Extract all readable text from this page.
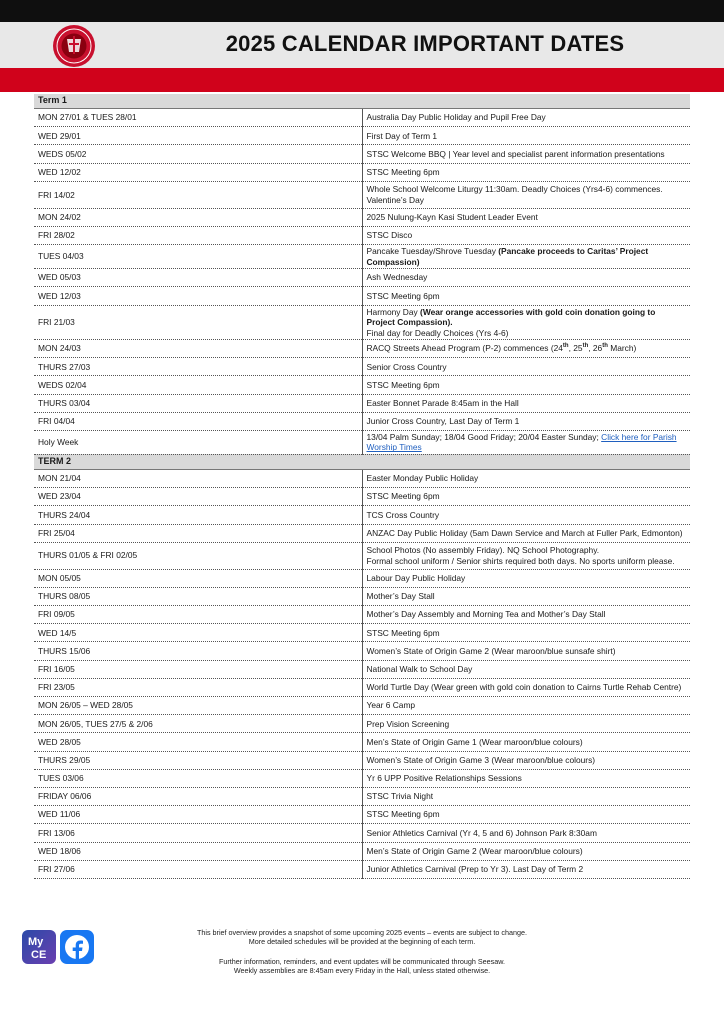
2025 CALENDAR IMPORTANT DATES
Term 1	
MON 27/01 & TUES 28/01	Australia Day Public Holiday and Pupil Free Day

WED 29/01	First Day of Term 1

WEDS 05/02	STSC Welcome BBQ | Year level and specialist parent information presentations

WED 12/02	STSC Meeting 6pm

FRI 14/02	Whole School Welcome Liturgy 11:30am. Deadly Choices (Yrs4-6) commences.
Valentine’s Day

MON 24/02	2025 Nulung-Kayn Kasi Student Leader Event

FRI 28/02	STSC Disco

TUES 04/03	Pancake Tuesday/Shrove Tuesday (Pancake proceeds to Caritas’ Project Compassion)

WED 05/03	Ash Wednesday

WED 12/03	STSC Meeting 6pm

FRI 21/03	Harmony Day (Wear orange accessories with gold coin donation going to Project Compassion).
Final day for Deadly Choices (Yrs 4-6)

MON 24/03	RACQ Streets Ahead Program (P-2) commences (24th, 25th, 26th March)

THURS 27/03	Senior Cross Country

WEDS 02/04	STSC Meeting 6pm

THURS 03/04	Easter Bonnet Parade 8:45am in the Hall

FRI 04/04	Junior Cross Country, Last Day of Term 1

Holy Week	13/04 Palm Sunday; 18/04 Good Friday; 20/04 Easter Sunday; Click here for Parish Worship Times

TERM 2	
MON 21/04	Easter Monday Public Holiday

WED 23/04	STSC Meeting 6pm

THURS 24/04	TCS Cross Country

FRI 25/04	ANZAC Day Public Holiday (5am Dawn Service and March at Fuller Park, Edmonton)

THURS 01/05 & FRI 02/05	School Photos (No assembly Friday). NQ School Photography.
Formal school uniform / Senior shirts required both days. No sports uniform please.

MON 05/05	Labour Day Public Holiday

THURS 08/05	Mother’s Day Stall

FRI 09/05	Mother’s Day Assembly and Morning Tea and Mother’s Day Stall

WED 14/5	STSC Meeting 6pm

THURS 15/06	Women’s State of Origin Game 2 (Wear maroon/blue sunsafe shirt)

FRI 16/05	National Walk to School Day

FRI 23/05	World Turtle Day (Wear green with gold coin donation to Cairns Turtle Rehab Centre)

MON 26/05 – WED 28/05	Year 6 Camp

MON 26/05, TUES 27/5 & 2/06	Prep Vision Screening

WED 28/05	Men’s State of Origin Game 1 (Wear maroon/blue colours)

THURS 29/05	Women’s State of Origin Game 3 (Wear maroon/blue colours)

TUES 03/06	Yr 6 UPP Positive Relationships Sessions

FRIDAY 06/06	STSC Trivia Night

WED 11/06	STSC Meeting 6pm

FRI 13/06	Senior Athletics Carnival (Yr 4, 5 and 6) Johnson Park 8:30am

WED 18/06	Men’s State of Origin Game 2 (Wear maroon/blue colours)

FRI 27/06	Junior Athletics Carnival (Prep to Yr 3). Last Day of Term 2
My
CE

This brief overview provides a snapshot of some upcoming 2025 events – events are subject to change.

More detailed schedules will be provided at the beginning of each term.

Further information, reminders, and event updates will be communicated through Seesaw.

Weekly assemblies are 8:45am every Friday in the Hall, unless stated otherwise.
